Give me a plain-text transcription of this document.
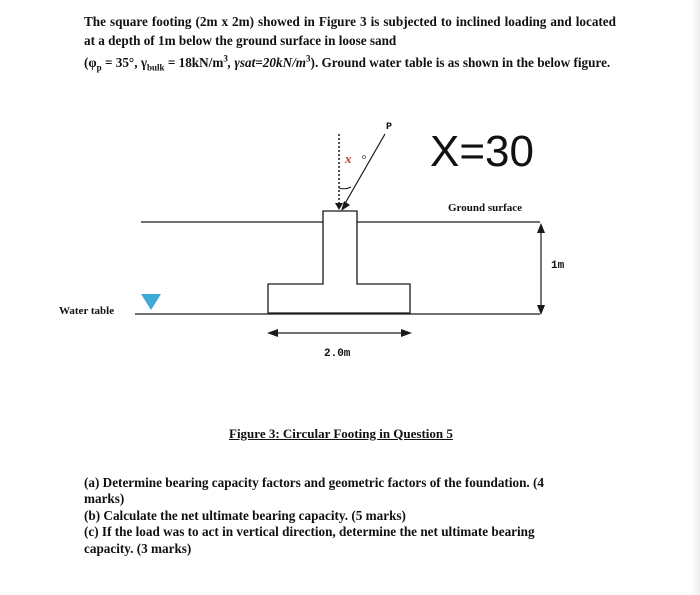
The square footing (2m x 2m) showed in Figure 3 is subjected to inclined loading and located at a depth of 1m below the ground surface in loose sand
($\varphi_p = 35^\circ$, $\gamma_{bulk} = 18kN/m^3$, $\gamma sat=20kN/m^3$). Ground water table is as shown in the below figure.
P
x o X=30
Ground surface
Water table
1m
2.0m
Figure 3: Circular Footing in Question 5
(a) Determine bearing capacity factors and geometric factors of the foundation. (4 marks)
(b) Calculate the net ultimate bearing capacity. (5 marks)
(c) If the load was to act in vertical direction, determine the net ultimate bearing capacity. (3 marks)
